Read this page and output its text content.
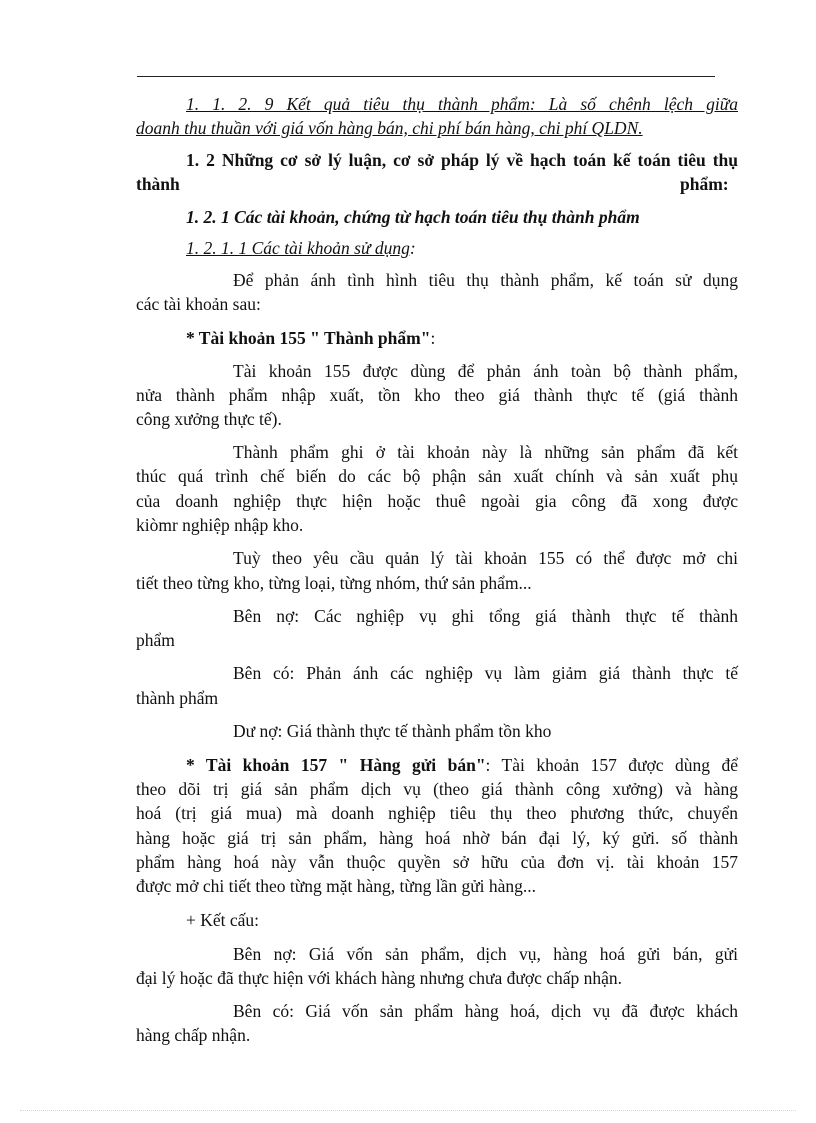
1. 1. 2. 9 Kết quả tiêu thụ thành phẩm: Là số chênh lệch giữa
doanh thu thuần với giá vốn hàng bán, chi phí bán hàng, chi phí QLDN.
1. 2 Những cơ sở lý luận, cơ sở pháp lý về hạch toán kế toán tiêu thụ
thành	phẩm:
1. 2. 1 Các tài khoản, chứng từ hạch toán tiêu thụ thành phẩm
1. 2. 1. 1 Các tài khoản sử dụng:
Để phản ánh tình hình tiêu thụ thành phẩm, kế toán sử dụng
các tài khoản sau:
* Tài khoản 155 " Thành phẩm":
Tài khoản 155 được dùng để phản ánh toàn bộ thành phẩm,
nửa thành phẩm nhập xuất, tồn kho theo giá thành thực tế (giá thành
công xưởng thực tế).
Thành phẩm ghi ở tài khoản này là những sản phẩm đã kết
thúc quá trình chế biến do các bộ phận sản xuất chính và sản xuất phụ
của doanh nghiệp thực hiện hoặc thuê ngoài gia công đã xong được
kiòmr nghiệp nhập kho.
Tuỳ theo yêu cầu quản lý tài khoản 155 có thể được mở chi
tiết theo từng kho, từng loại, từng nhóm, thứ sản phẩm...
Bên nợ: Các nghiệp vụ ghi tổng giá thành thực tế thành
phẩm
Bên có: Phản ánh các nghiệp vụ làm giảm giá thành thực tế
thành phẩm
Dư nợ: Giá thành thực tế thành phẩm tồn kho
* Tài khoản 157 " Hàng gửi bán": Tài khoản 157 được dùng để
theo dõi trị giá sản phẩm dịch vụ (theo giá thành công xưởng) và hàng
hoá (trị giá mua) mà doanh nghiệp tiêu thụ theo phương thức, chuyển
hàng hoặc giá trị sản phẩm, hàng hoá nhờ bán đại lý, ký gửi. số thành
phẩm hàng hoá này vẫn thuộc quyền sở hữu của đơn vị. tài khoản 157
được mở chi tiết theo từng mặt hàng, từng lần gửi hàng...
+ Kết cấu:
Bên nợ: Giá vốn sản phẩm, dịch vụ, hàng hoá gửi bán, gửi
đại lý hoặc đã thực hiện với khách hàng nhưng chưa được chấp nhận.
Bên có: Giá vốn sản phẩm hàng hoá, dịch vụ đã được khách
hàng chấp nhận.
